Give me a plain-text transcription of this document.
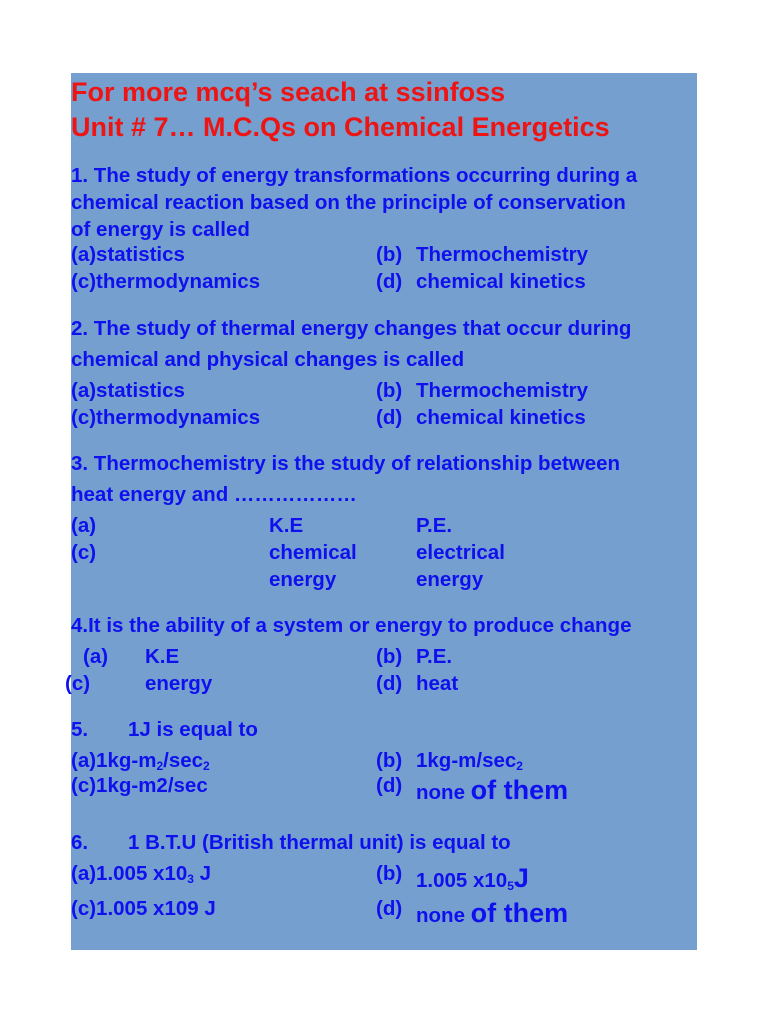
For more mcq’s seach at ssinfoss
Unit # 7… M.C.Qs on Chemical Energetics
1. The study of energy transformations occurring during a
chemical reaction based on the principle of conservation
of energy is called
(a)statistics	(b) Thermochemistry
(c)thermodynamics	(d) chemical kinetics
2. The study of thermal energy changes that occur during
chemical and physical changes is called
(a)statistics	(b) Thermochemistry
(c)thermodynamics	(d) chemical kinetics
3. Thermochemistry is the study of relationship between
heat energy and ………………
(a)	K.E	P.E.
(c)	chemical	electrical
energy	energy
4.It is the ability of a system or energy to produce change
(a) K.E	(b) P.E.
(c)	energy	(d) heat
5. 1J is equal to
(a)1kg-m2/sec2	(b) 1kg-m/sec2
(c)1kg-m2/sec	(d) none of them
6. 1 B.T.U (British thermal unit) is equal to
(a)1.005 x103 J	(b) 1.005 x105J
(c)1.005 x109 J	(d) none of them
